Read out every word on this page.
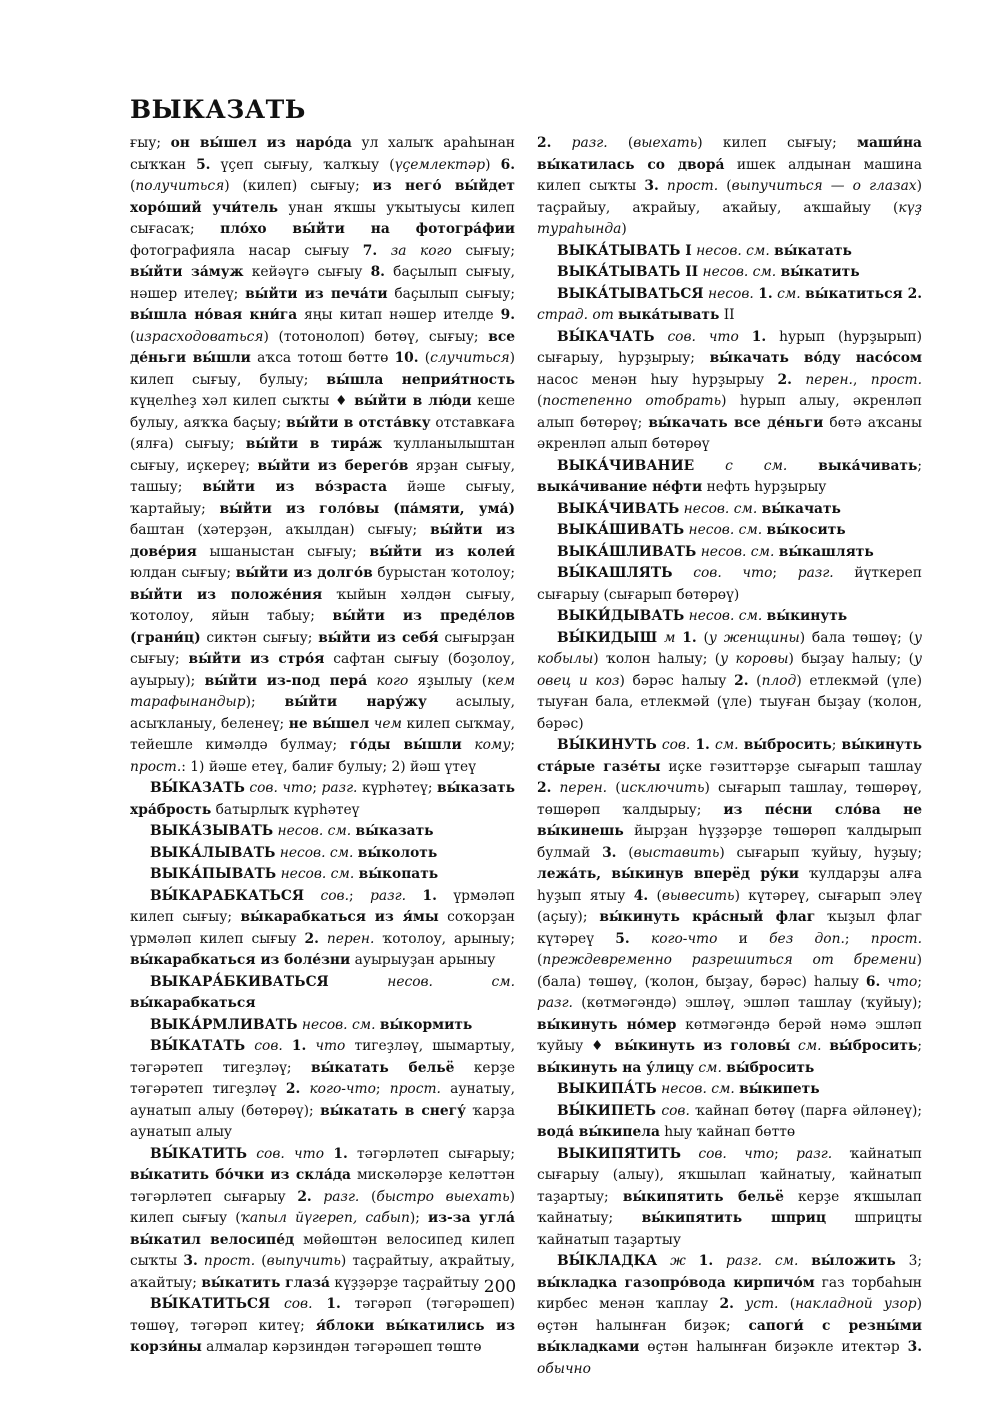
ВЫКАЗАТЬ

ғыу; он вы́шел из наро́да ул халыҡ араһынан сыҡҡан 5. үҫеп сығыу, ҡалҡыу (үҫемлектәр) 6. (получиться) (килеп) сығыу; из него́ вы́йдет хоро́ший учи́тель унан яҡшы уҡытыусы килеп сығасаҡ; пло́хо вы́йти на фотогра́фии фотографияла насар сығыу 7. за кого сығыу; вы́йти за́муж кейәүгә сығыу 8. баҫылып сығыу, нәшер ителеү; вы́йти из печа́ти баҫылып сығыу; вы́шла но́вая кни́га яңы китап нәшер ителде 9. (израсходоваться) (тотонолоп) бөтөү, сығыу; все де́ньги вы́шли аҡса тотош бөттө 10. (случиться) килеп сығыу, булыу; вы́шла неприя́тность күңелһеҙ хәл килеп сыҡты ♦ вы́йти в лю́ди кеше булыу, аяҡҡа баҫыу; вы́йти в отста́вку отставкаға (ялға) сығыу; вы́йти в тира́ж ҡулланылыштан сығыу, иҫкереү; вы́йти из берего́в ярҙан сығыу, ташыу; вы́йти из во́зраста йәше сығыу, ҡартайыу; вы́йти из голо́вы (па́мяти, ума́) баштан (хәтерҙән, аҡылдан) сығыу; вы́йти из дове́рия ышаныстан сығыу; вы́йти из колеи́ юлдан сығыу; вы́йти из долго́в бурыстан ҡотолоу; вы́йти из положе́ния ҡыйын хәлдән сығыу, ҡотолоу, яйын табыу; вы́йти из преде́лов (грани́ц) сиктән сығыу; вы́йти из себя́ сығырҙан сығыу; вы́йти из стро́я сафтан сығыу (боҙолоу, ауырыу); вы́йти из-под пера́ кого яҙылыу (кем тарафынандыр); вы́йти нару́жу асылыу, асыҡланыу, беленеү; не вы́шел чем килеп сыҡмау, тейешле кимәлдә булмау; го́ды вы́шли кому; прост.: 1) йәше етеү, балиғ булыу; 2) йәш үтеү

ВЫ́КАЗАТЬ сов. что; разг. күрһәтеү; вы́казать хра́брость батырлыҡ күрһәтеү

ВЫКА́ЗЫВАТЬ несов. см. вы́казать

ВЫКА́ЛЫВАТЬ несов. см. вы́колоть

ВЫКА́ПЫВАТЬ несов. см. вы́копать

ВЫ́КАРАБКАТЬСЯ сов.; разг. 1. үрмәләп килеп сығыу; вы́карабкаться из я́мы соҡорҙан үрмәләп килеп сығыу 2. перен. ҡотолоу, арыныу; вы́карабкаться из боле́зни ауырыуҙан арыныу

ВЫКАРА́БКИВАТЬСЯ	несов. см. вы́карабкаться

ВЫКА́РМЛИВАТЬ несов. см. вы́кормить

ВЫ́КАТАТЬ сов. 1. что тигеҙләү, шымартыу, тәгәрәтеп тигеҙләү; вы́катать бельё керҙе тәгәрәтеп тигеҙләү 2. кого-что; прост. аунатыу, аунатып алыу (бөтөрөү); вы́катать в снегу́ ҡарҙа аунатып алыу

ВЫ́КАТИТЬ сов. что 1. тәгәрләтеп сығарыу; вы́катить бо́чки из скла́да мискәләрҙе келәттән тәгәрләтеп сығарыу 2. разг. (быстро выехать) килеп сығыу (ҡапыл йүгереп, сабып); из-за угла́ вы́катил велосипе́д мөйөштән велосипед килеп сыҡты 3. прост. (выпучить) таҫрайтыу, аҡрайтыу, аҡайтыу; вы́катить глаза́ күҙҙәрҙе таҫрайтыу

ВЫ́КАТИТЬСЯ сов. 1. тәгәрәп (тәгәрәшеп) төшөү, тәгәрәп китеү; я́блоки вы́катились из корзи́ны алмалар кәрзиндән тәгәрәшеп төштө

2. разг. (выехать) килеп сығыу; маши́на вы́катилась со двора́ ишек алдынан машина килеп сыҡты 3. прост. (выпучиться — о глазах) таҫрайыу, аҡрайыу, аҡайыу, аҡшайыу (күҙ тураһында)

ВЫКА́ТЫВАТЬ I несов. см. вы́катать

ВЫКА́ТЫВАТЬ II несов. см. вы́катить

ВЫКА́ТЫВАТЬСЯ несов. 1. см. вы́катиться 2. страд. от выка́тывать II

ВЫ́КАЧАТЬ сов. что 1. һурып (һурҙырып) сығарыу, һурҙырыу; вы́качать во́ду насо́сом насос менән һыу һурҙырыу 2. перен., прост. (постепенно отобрать) һурып алыу, әкренләп алып бөтөрөү; вы́качать все де́ньги бөтә аҡсаны әкренләп алып бөтөрөү

ВЫКА́ЧИВАНИЕ с см. выка́чивать; выка́чивание не́фти нефть һурҙырыу

ВЫКА́ЧИВАТЬ несов. см. вы́качать

ВЫКА́ШИВАТЬ несов. см. вы́косить

ВЫКА́ШЛИВАТЬ несов. см. вы́кашлять

ВЫ́КАШЛЯТЬ сов. что; разг. йүткереп сығарыу (сығарып бөтөрөү)

ВЫКИ́ДЫВАТЬ несов. см. вы́кинуть

ВЫ́КИДЫШ м 1. (у женщины) бала төшөү; (у кобылы) ҡолон һалыу; (у коровы) быҙау һалыу; (у овец и коз) бәрәс һалыу 2. (плод) етлекмәй (үле) тыуған бала, етлекмәй (үле) тыуған быҙау (ҡолон, бәрәс)

ВЫ́КИНУТЬ сов. 1. см. вы́бросить; вы́кинуть ста́рые газе́ты иҫке гәзиттәрҙе сығарып ташлау 2. перен. (исключить) сығарып ташлау, төшөрөү, төшөрөп ҡалдырыу; из пе́сни сло́ва не вы́кинешь йырҙан һүҙҙәрҙе төшөрөп ҡалдырып булмай 3. (выставить) сығарып ҡуйыу, һуҙыу; лежа́ть, вы́кинув вперёд ру́ки ҡулдарҙы алға һуҙып ятыу 4. (вывесить) күтәреү, сығарып элеү (аҫыу); вы́кинуть кра́сный флаг ҡыҙыл флаг күтәреү 5. кого-что и без доп.; прост. (преждевременно разрешиться от бремени) (бала) төшөү, (ҡолон, быҙау, бәрәс) һалыу 6. что; разг. (көтмәгәндә) эшләү, эшләп ташлау (ҡуйыу); вы́кинуть но́мер көтмәгәндә берәй нәмә эшләп ҡуйыу ♦ вы́кинуть из головы́ см. вы́бросить; вы́кинуть на у́лицу см. вы́бросить

ВЫКИПА́ТЬ несов. см. вы́кипеть

ВЫ́КИПЕТЬ сов. ҡайнап бөтөү (парға әйләнеү); вода́ вы́кипела һыу ҡайнап бөттө

ВЫКИПЯТИТЬ сов. что; разг. ҡайнатып сығарыу (алыу), яҡшылап ҡайнатыу, ҡайнатып таҙартыу; вы́кипятить бельё керҙе яҡшылап ҡайнатыу; вы́кипятить шприц шприцты ҡайнатып таҙартыу

ВЫ́КЛАДКА ж 1. разг. см. вы́ложить 3; вы́кладка газопро́вода кирпичо́м газ торбаһын кирбес менән ҡаплау 2. уст. (накладной узор) өҫтән һалынған биҙәк; сапоги́ с резны́ми вы́кладками өҫтән һалынған биҙәкле итектәр 3. обычно

200
